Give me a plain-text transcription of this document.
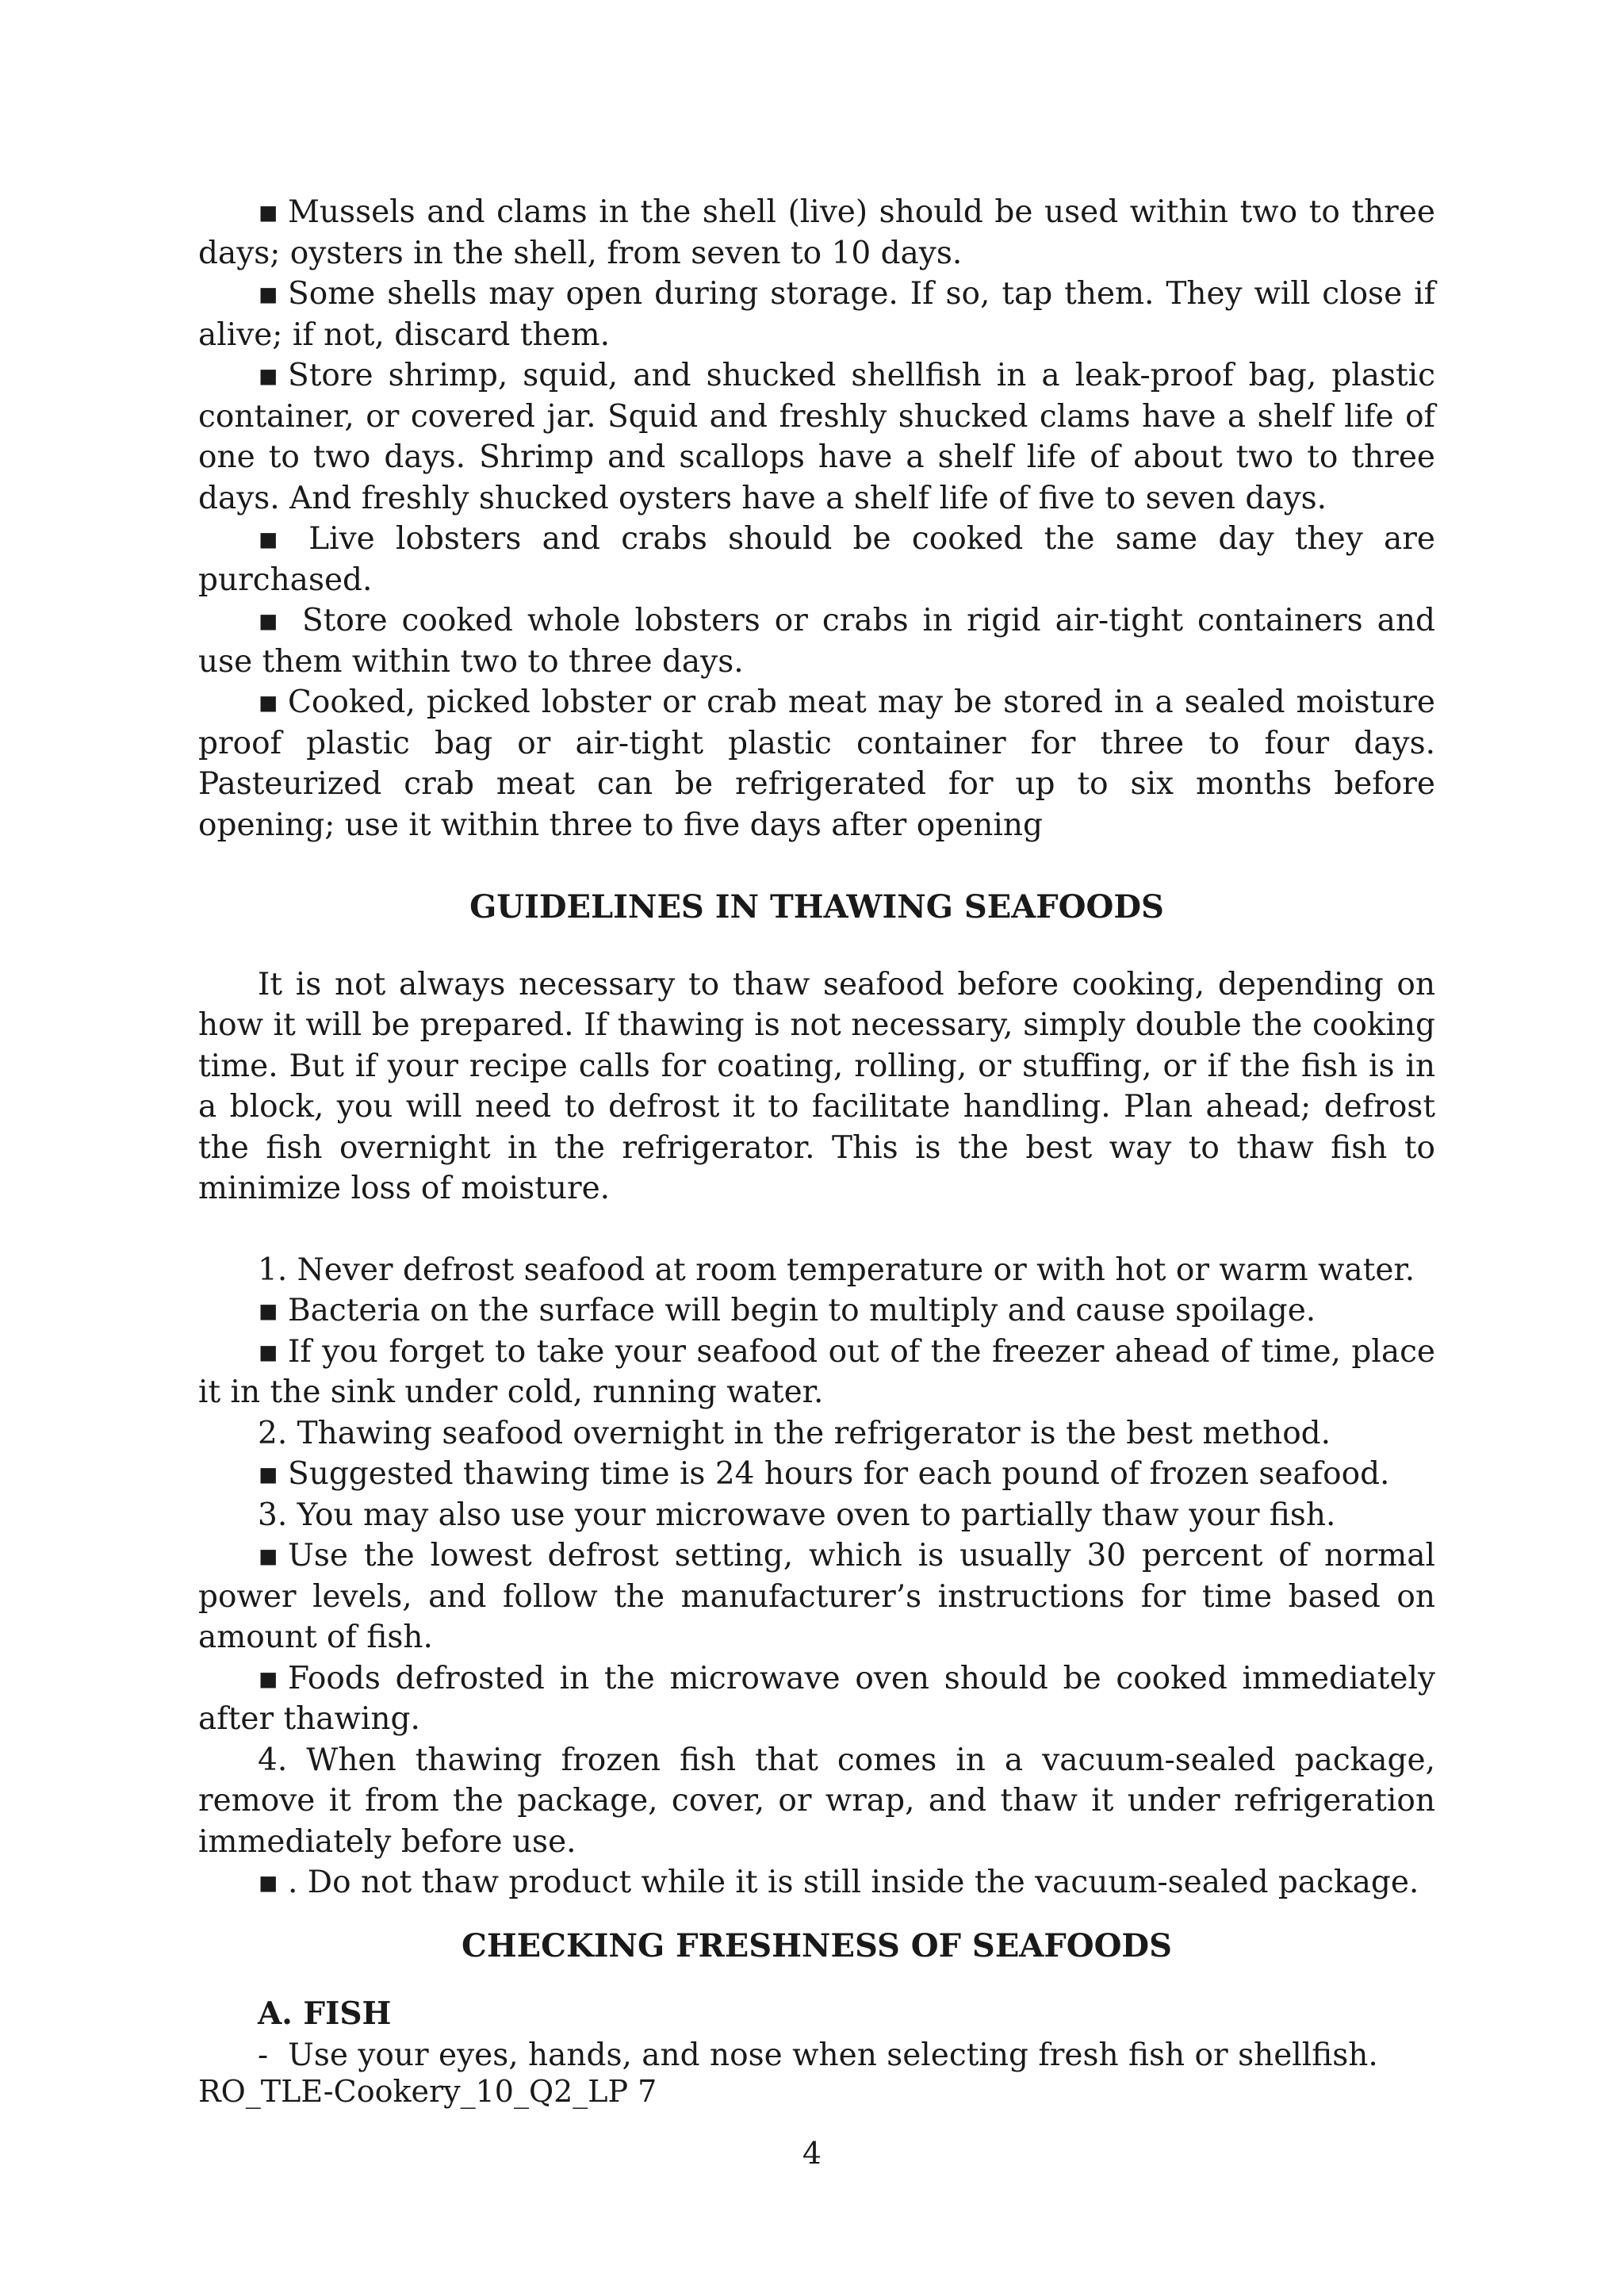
▪ Mussels and clams in the shell (live) should be used within two to three days; oysters in the shell, from seven to 10 days.

▪ Some shells may open during storage. If so, tap them. They will close if alive; if not, discard them.

▪ Store shrimp, squid, and shucked shellfish in a leak-proof bag, plastic container, or covered jar. Squid and freshly shucked clams have a shelf life of one to two days. Shrimp and scallops have a shelf life of about two to three days. And freshly shucked oysters have a shelf life of five to seven days.

▪ Live lobsters and crabs should be cooked the same day they are purchased.

▪ Store cooked whole lobsters or crabs in rigid air-tight containers and use them within two to three days.

▪ Cooked, picked lobster or crab meat may be stored in a sealed moisture proof plastic bag or air-tight plastic container for three to four days. Pasteurized crab meat can be refrigerated for up to six months before opening; use it within three to five days after opening

GUIDELINES IN THAWING SEAFOODS

It is not always necessary to thaw seafood before cooking, depending on how it will be prepared. If thawing is not necessary, simply double the cooking time. But if your recipe calls for coating, rolling, or stuffing, or if the fish is in a block, you will need to defrost it to facilitate handling. Plan ahead; defrost the fish overnight in the refrigerator. This is the best way to thaw fish to minimize loss of moisture.

1. Never defrost seafood at room temperature or with hot or warm water.

▪ Bacteria on the surface will begin to multiply and cause spoilage.

▪ If you forget to take your seafood out of the freezer ahead of time, place it in the sink under cold, running water.

2. Thawing seafood overnight in the refrigerator is the best method.

▪ Suggested thawing time is 24 hours for each pound of frozen seafood.

3. You may also use your microwave oven to partially thaw your fish.

▪ Use the lowest defrost setting, which is usually 30 percent of normal power levels, and follow the manufacturer’s instructions for time based on amount of fish.

▪ Foods defrosted in the microwave oven should be cooked immediately after thawing.

4. When thawing frozen fish that comes in a vacuum-sealed package, remove it from the package, cover, or wrap, and thaw it under refrigeration immediately before use.

▪ . Do not thaw product while it is still inside the vacuum-sealed package.

CHECKING FRESHNESS OF SEAFOODS

A. FISH

- Use your eyes, hands, and nose when selecting fresh fish or shellfish.

RO_TLE-Cookery_10_Q2_LP 7
4
